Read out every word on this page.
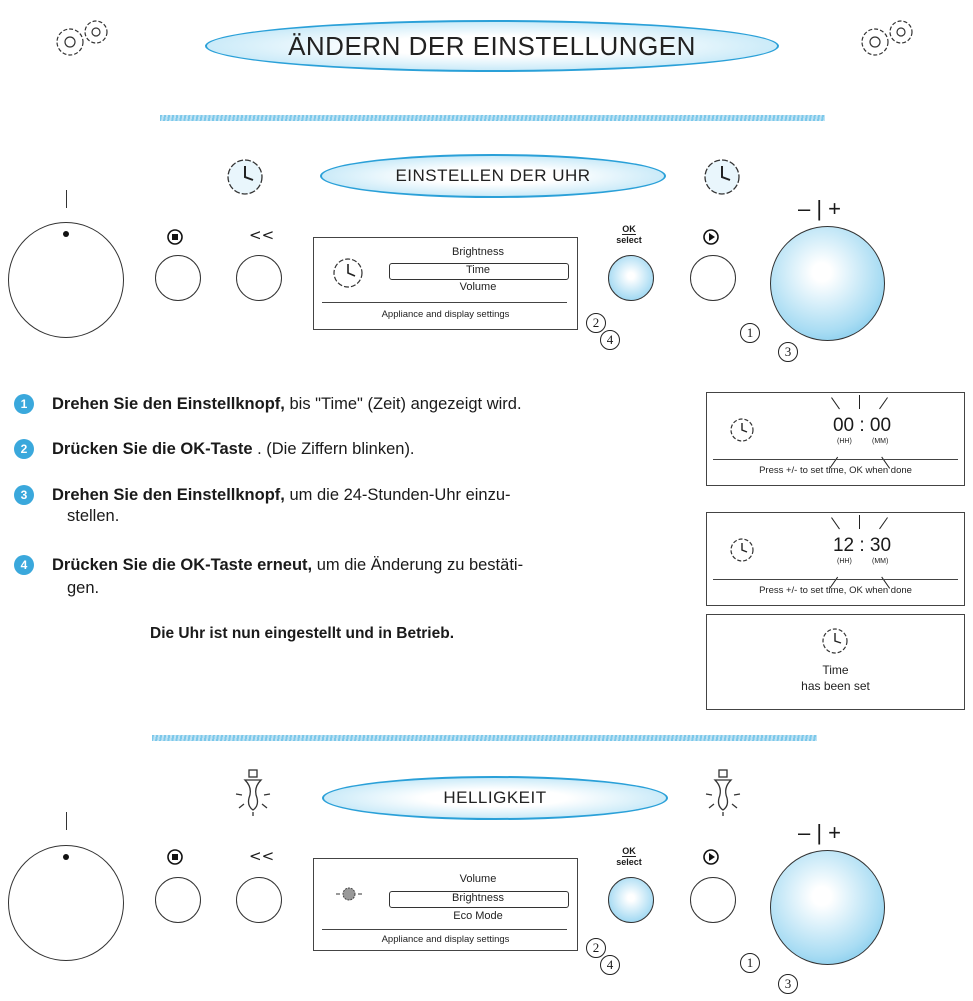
ÄNDERN DER EINSTELLUNGEN
EINSTELLEN DER UHR
<<
Brightness
Time
Volume
Appliance and display settings
2
4
OK
select
– | +
1
3
1	Drehen Sie den Einstellknopf, bis "Time" (Zeit) angezeigt wird.
2	Drücken Sie die OK-Taste . (Die Ziffern blinken).
3	Drehen Sie den Einstellknopf, um die 24-Stunden-Uhr einzu-
stellen.
4	Drücken Sie die OK-Taste erneut, um die Änderung zu bestäti-
gen.
Die Uhr ist nun eingestellt und in Betrieb.
00 : 00
(HH)	(MM)
Press +/- to set time, OK when done
12 : 30
(HH)	(MM)
Press +/- to set time, OK when done
Time
has been set
HELLIGKEIT
<<
Volume
Brightness
Eco Mode
Appliance and display settings
2
4
OK
select
– | +
1
3
